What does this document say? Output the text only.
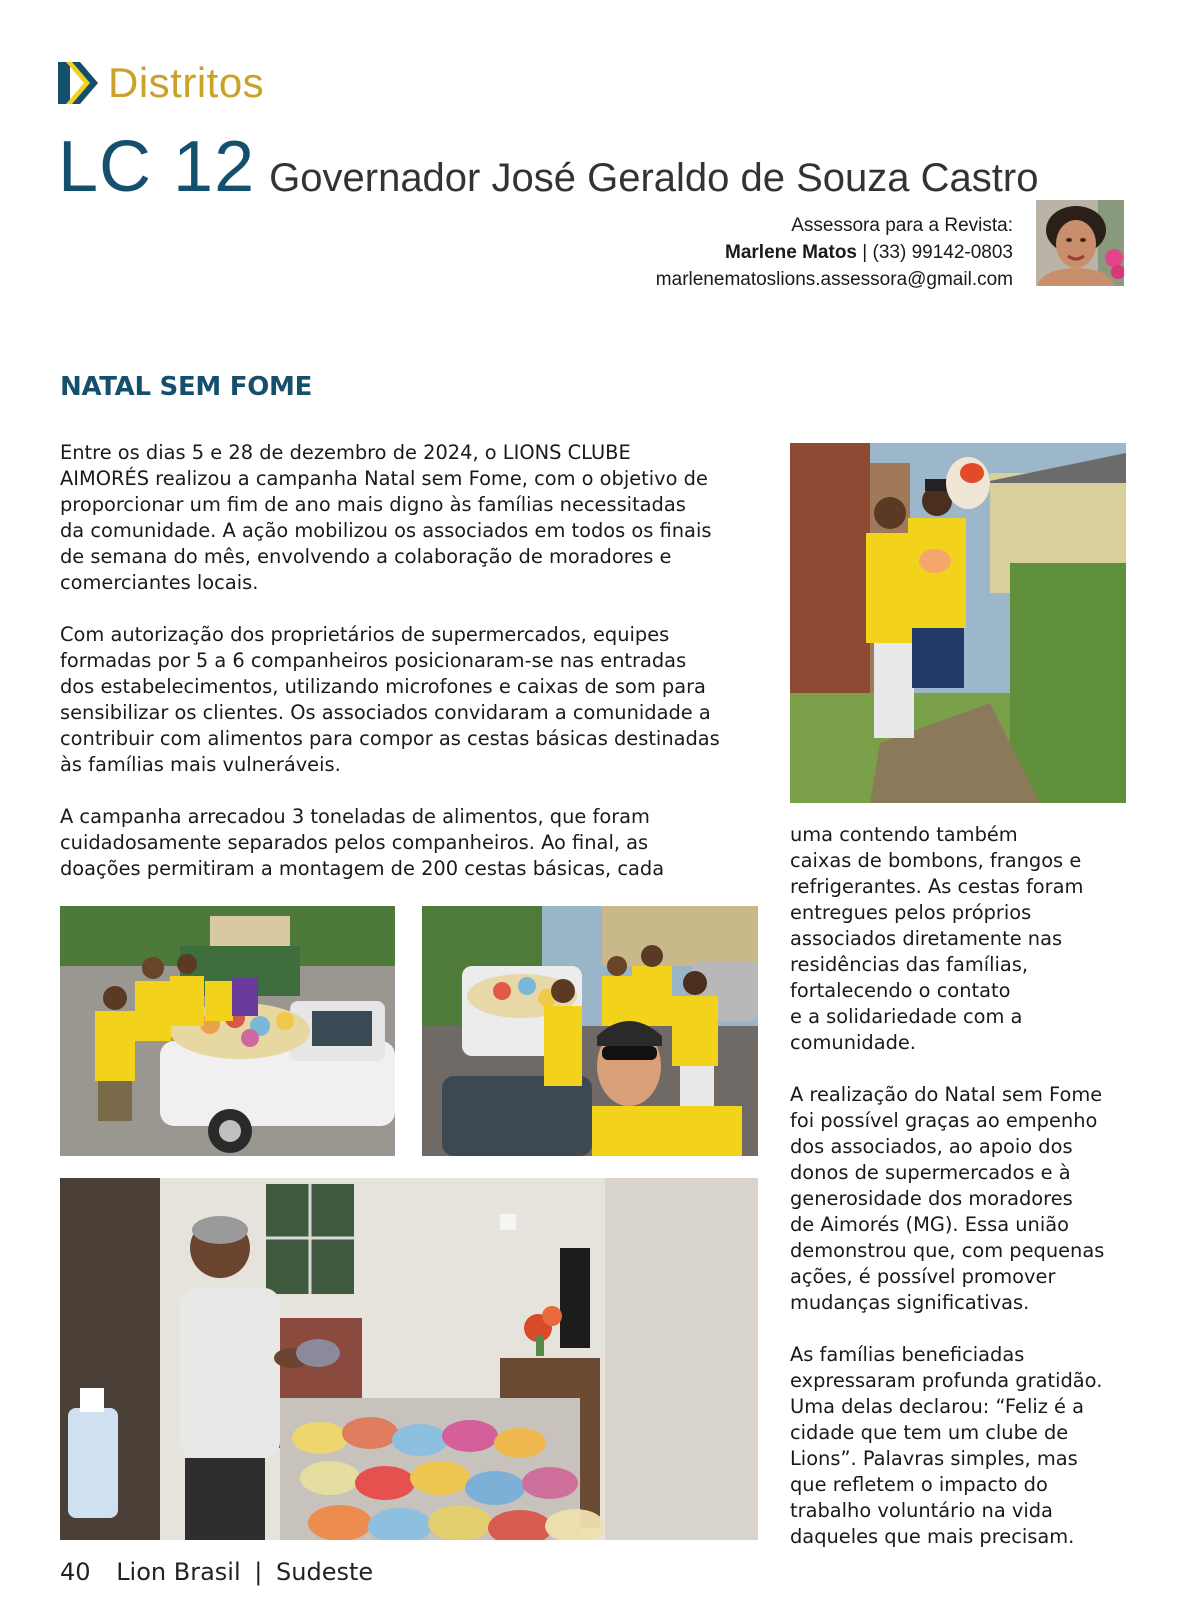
Distritos
LC 12 Governador José Geraldo de Souza Castro
Assessora para a Revista:
Marlene Matos | (33) 99142-0803
marlenematoslions.assessora@gmail.com
NATAL SEM FOME

Entre os dias 5 e 28 de dezembro de 2024, o LIONS CLUBE
AIMORÉS realizou a campanha Natal sem Fome, com o objetivo de
proporcionar um fim de ano mais digno às famílias necessitadas
da comunidade. A ação mobilizou os associados em todos os finais
de semana do mês, envolvendo a colaboração de moradores e
comerciantes locais.

Com autorização dos proprietários de supermercados, equipes
formadas por 5 a 6 companheiros posicionaram-se nas entradas
dos estabelecimentos, utilizando microfones e caixas de som para
sensibilizar os clientes. Os associados convidaram a comunidade a
contribuir com alimentos para compor as cestas básicas destinadas
às famílias mais vulneráveis.

A campanha arrecadou 3 toneladas de alimentos, que foram
cuidadosamente separados pelos companheiros. Ao final, as
doações permitiram a montagem de 200 cestas básicas, cada

uma contendo também
caixas de bombons, frangos e
refrigerantes. As cestas foram
entregues pelos próprios
associados diretamente nas
residências das famílias,
fortalecendo o contato
e a solidariedade com a
comunidade.

A realização do Natal sem Fome
foi possível graças ao empenho
dos associados, ao apoio dos
donos de supermercados e à
generosidade dos moradores
de Aimorés (MG). Essa união
demonstrou que, com pequenas
ações, é possível promover
mudanças significativas.

As famílias beneficiadas
expressaram profunda gratidão.
Uma delas declarou: “Feliz é a
cidade que tem um clube de
Lions”. Palavras simples, mas
que refletem o impacto do
trabalho voluntário na vida
daqueles que mais precisam.

40 Lion Brasil | Sudeste
